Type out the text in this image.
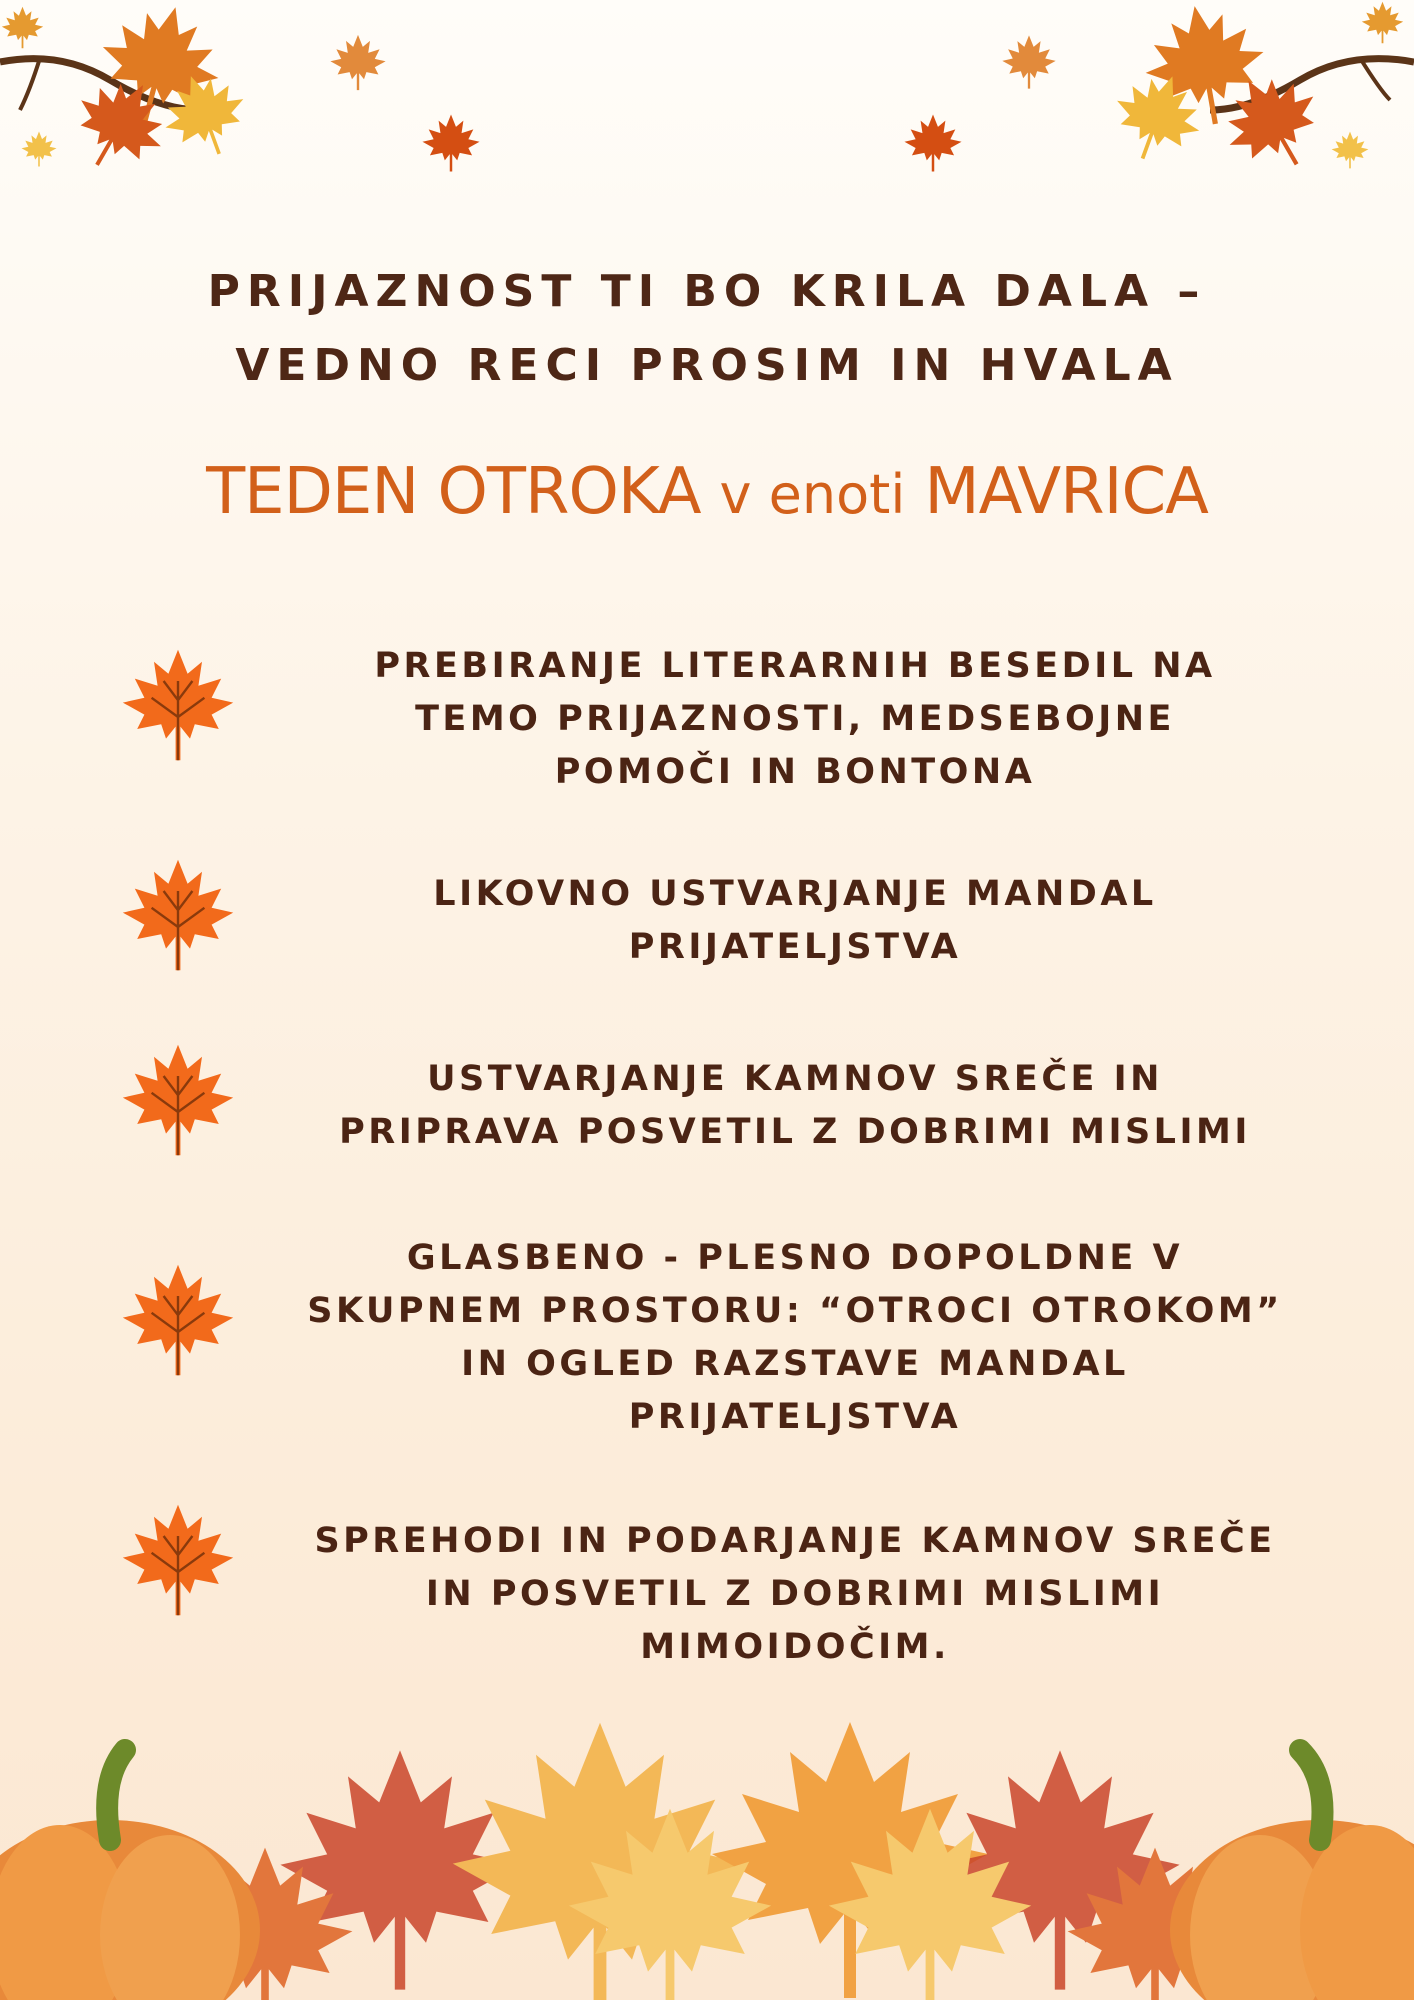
PRIJAZNOST TI BO KRILA DALA –
VEDNO RECI PROSIM IN HVALA
TEDEN OTROKA v enoti MAVRICA
PREBIRANJE LITERARNIH BESEDIL NA
TEMO PRIJAZNOSTI, MEDSEBOJNE
POMOČI IN BONTONA
LIKOVNO USTVARJANJE MANDAL
PRIJATELJSTVA
USTVARJANJE KAMNOV SREČE IN
PRIPRAVA POSVETIL Z DOBRIMI MISLIMI
GLASBENO - PLESNO DOPOLDNE V
SKUPNEM PROSTORU: “OTROCI OTROKOM”
IN OGLED RAZSTAVE MANDAL
PRIJATELJSTVA
SPREHODI IN PODARJANJE KAMNOV SREČE
IN POSVETIL Z DOBRIMI MISLIMI
MIMOIDOČIM.
